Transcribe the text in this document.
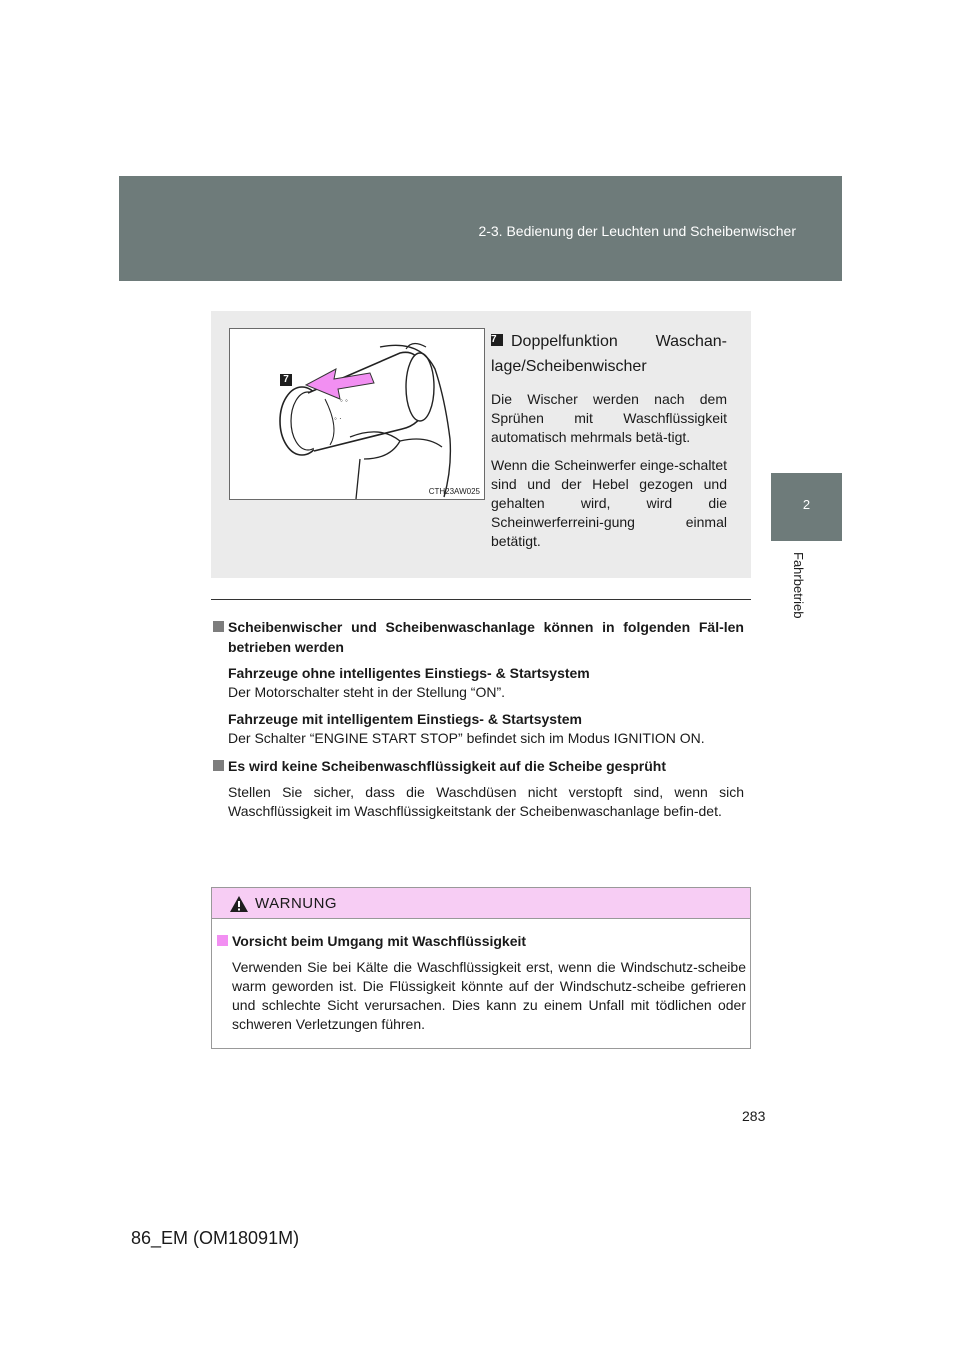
2-3. Bedienung der Leuchten und Scheibenwischer
2
Fahrbetrieb
◦ ◦
◦ ·
7
CTH23AW025
7 Doppelfunktion Waschan-lage/Scheibenwischer

Die Wischer werden nach dem Sprühen mit Waschflüssigkeit automatisch mehrmals betä-tigt.

Wenn die Scheinwerfer einge-schaltet sind und der Hebel gezogen und gehalten wird, wird die Scheinwerferreini-gung einmal betätigt.

Scheibenwischer und Scheibenwaschanlage können in folgenden Fäl-len betrieben werden
Fahrzeuge ohne intelligentes Einstiegs- & Startsystem
Der Motorschalter steht in der Stellung “ON”.
Fahrzeuge mit intelligentem Einstiegs- & Startsystem
Der Schalter “ENGINE START STOP” befindet sich im Modus IGNITION ON.
Es wird keine Scheibenwaschflüssigkeit auf die Scheibe gesprüht
Stellen Sie sicher, dass die Waschdüsen nicht verstopft sind, wenn sich Waschflüssigkeit im Waschflüssigkeitstank der Scheibenwaschanlage befin-det.
WARNUNG
Vorsicht beim Umgang mit Waschflüssigkeit
Verwenden Sie bei Kälte die Waschflüssigkeit erst, wenn die Windschutz-scheibe warm geworden ist. Die Flüssigkeit könnte auf der Windschutz-scheibe gefrieren und schlechte Sicht verursachen. Dies kann zu einem Unfall mit tödlichen oder schweren Verletzungen führen.
283
86_EM (OM18091M)
